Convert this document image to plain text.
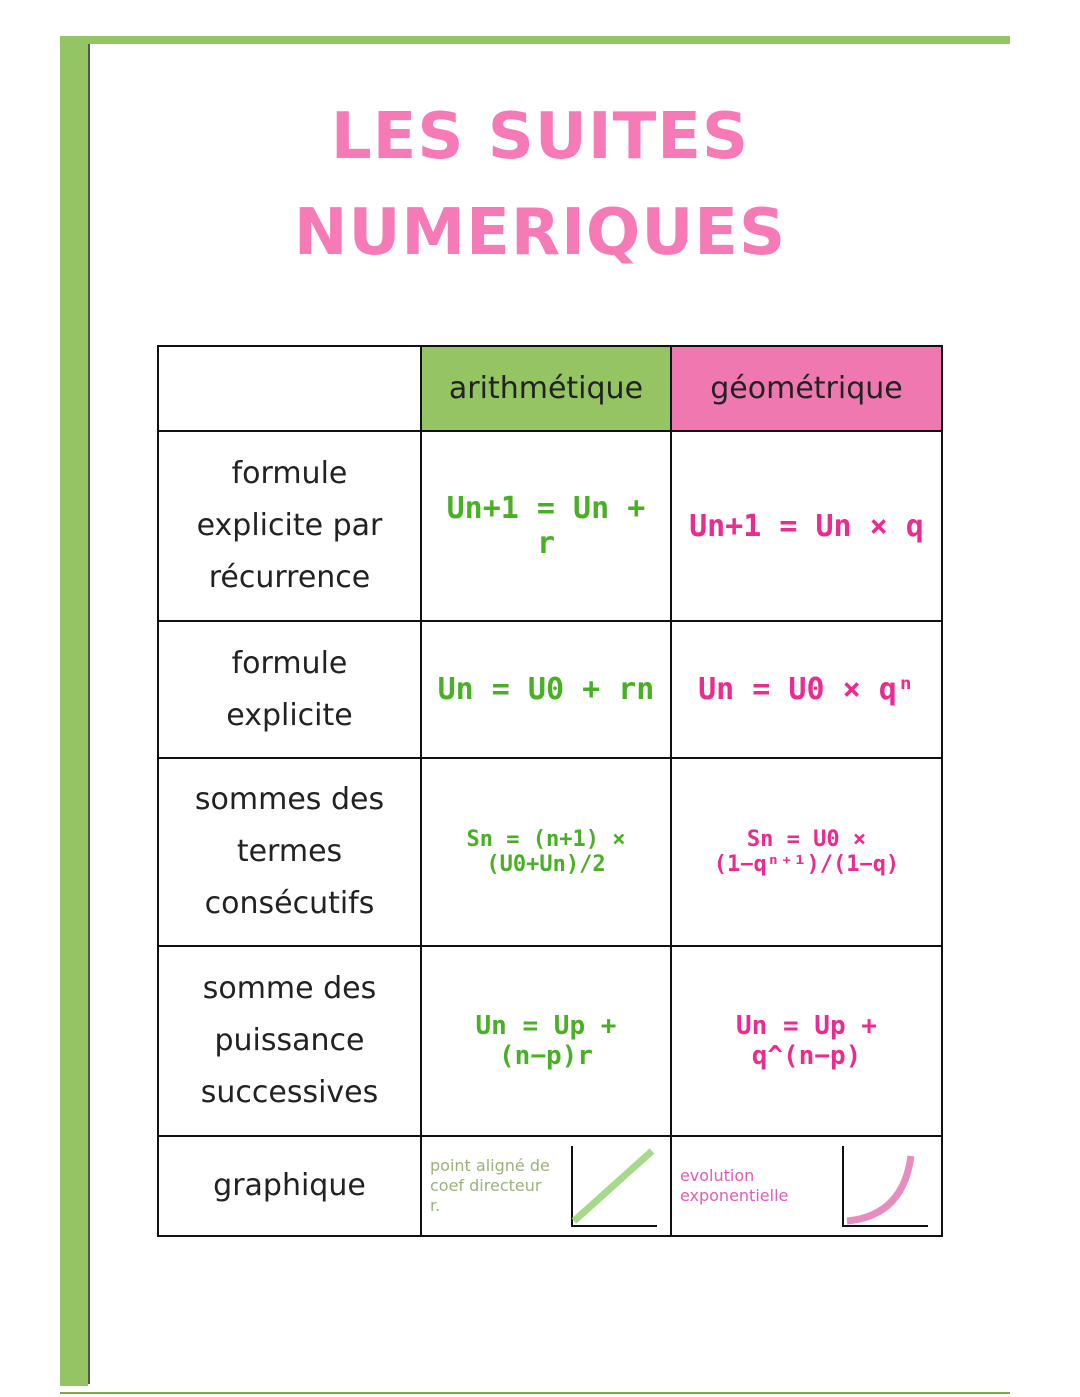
LES SUITES
NUMERIQUES
	arithmétique	géométrique
formule explicite par récurrence	Un+1 = Un + r	Un+1 = Un × q
formule explicite	Un = U0 + rn	Un = U0 × qⁿ
sommes des termes consécutifs	Sn = (n+1) × (U0+Un)/2	Sn = U0 × (1−qⁿ⁺¹)/(1−q)
somme des puissance successives	Un = Up + (n−p)r	Un = Up + q^(n−p)
graphique	point aligné de coef directeur r.	evolution exponentielle
